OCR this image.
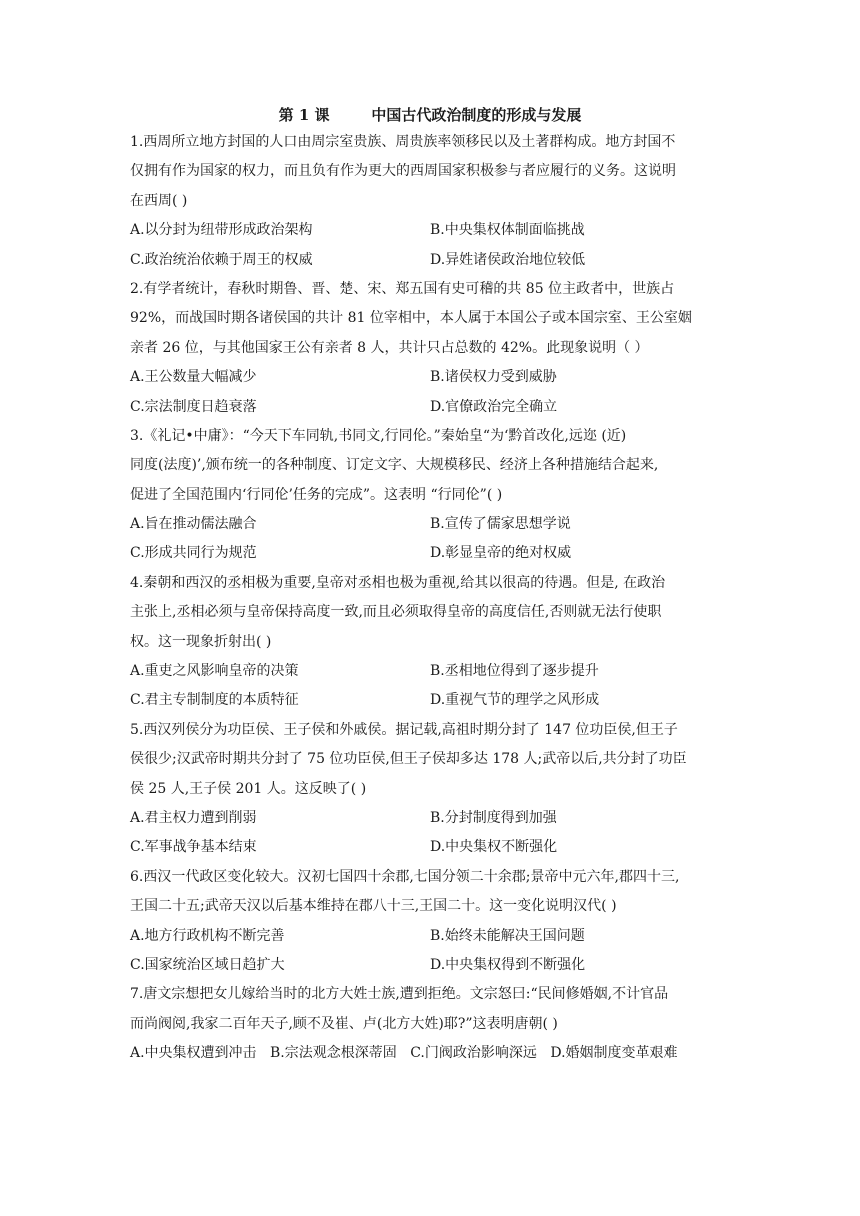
第 1 课        中国古代政治制度的形成与发展
1.西周所立地方封国的人口由周宗室贵族、周贵族率领移民以及土著群构成。地方封国不
仅拥有作为国家的权力，而且负有作为更大的西周国家积极参与者应履行的义务。这说明
在西周( )
A.以分封为纽带形成政治架构	B.中央集权体制面临挑战
C.政治统治依赖于周王的权威	D.异姓诸侯政治地位较低
2.有学者统计，春秋时期鲁、晋、楚、宋、郑五国有史可稽的共 85 位主政者中，世族占
92%，而战国时期各诸侯国的共计 81 位宰相中，本人属于本国公子或本国宗室、王公室姻
亲者 26 位，与其他国家王公有亲者 8 人，共计只占总数的 42%。此现象说明（ ）
A.王公数量大幅减少	B.诸侯权力受到威胁
C.宗法制度日趋衰落	D.官僚政治完全确立
3.《礼记•中庸》：“今天下车同轨,书同文,行同伦。”秦始皇“为‘黔首改化,远迩 (近)
同度(法度)’,颁布统一的各种制度、订定文字、大规模移民、经济上各种措施结合起来,
促进了全国范围内‘行同伦’任务的完成”。这表明 “行同伦”( )
A.旨在推动儒法融合	B.宣传了儒家思想学说
C.形成共同行为规范	D.彰显皇帝的绝对权威
4.秦朝和西汉的丞相极为重要,皇帝对丞相也极为重视,给其以很高的待遇。但是, 在政治
主张上,丞相必须与皇帝保持高度一致,而且必须取得皇帝的高度信任,否则就无法行使职
权。这一现象折射出( )
A.重吏之风影响皇帝的决策	B.丞相地位得到了逐步提升
C.君主专制制度的本质特征	D.重视气节的理学之风形成
5.西汉列侯分为功臣侯、王子侯和外戚侯。据记载,高祖时期分封了 147 位功臣侯,但王子
侯很少;汉武帝时期共分封了 75 位功臣侯,但王子侯却多达 178 人;武帝以后,共分封了功臣
侯 25 人,王子侯 201 人。这反映了( )
A.君主权力遭到削弱	B.分封制度得到加强
C.军事战争基本结束	D.中央集权不断强化
6.西汉一代政区变化较大。汉初七国四十余郡,七国分领二十余郡;景帝中元六年,郡四十三,
王国二十五;武帝天汉以后基本维持在郡八十三,王国二十。这一变化说明汉代( )
A.地方行政机构不断完善	B.始终未能解决王国问题
C.国家统治区域日趋扩大	D.中央集权得到不断强化
7.唐文宗想把女儿嫁给当时的北方大姓士族,遭到拒绝。文宗怒曰:“民间修婚姻,不计官品
而尚阀阅,我家二百年天子,顾不及崔、卢(北方大姓)耶?”这表明唐朝( )
A.中央集权遭到冲击 B.宗法观念根深蒂固 C.门阀政治影响深远 D.婚姻制度变革艰难
